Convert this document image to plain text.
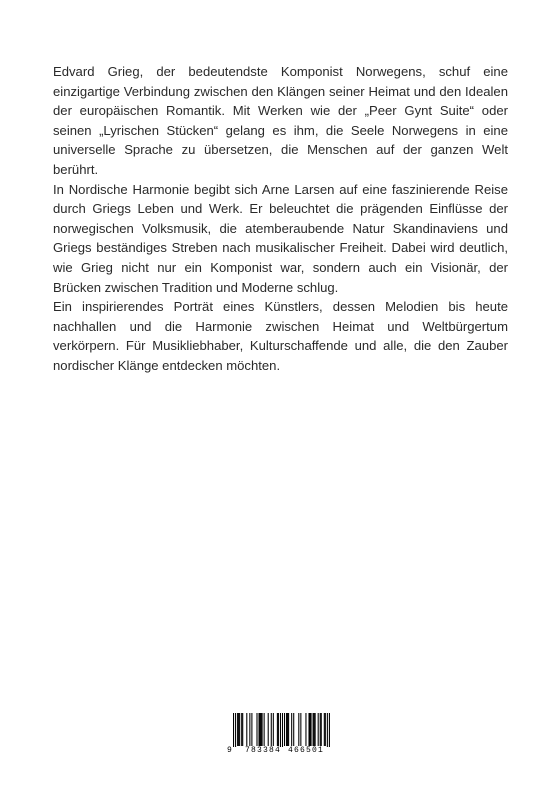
Edvard Grieg, der bedeutendste Komponist Norwegens, schuf eine einzigartige Verbindung zwischen den Klängen seiner Heimat und den Idealen der europäischen Romantik. Mit Werken wie der „Peer Gynt Suite“ oder seinen „Lyrischen Stücken“ gelang es ihm, die Seele Norwegens in eine universelle Sprache zu übersetzen, die Menschen auf der ganzen Welt berührt.

In Nordische Harmonie begibt sich Arne Larsen auf eine faszinierende Reise durch Griegs Leben und Werk. Er beleuchtet die prägenden Einflüsse der norwegischen Volksmusik, die atemberaubende Natur Skandinaviens und Griegs beständiges Streben nach musikalischer Freiheit. Dabei wird deutlich, wie Grieg nicht nur ein Komponist war, sondern auch ein Visionär, der Brücken zwischen Tradition und Moderne schlug.

Ein inspirierendes Porträt eines Künstlers, dessen Melodien bis heute nachhallen und die Harmonie zwischen Heimat und Weltbürgertum verkörpern. Für Musikliebhaber, Kulturschaffende und alle, die den Zauber nordischer Klänge entdecken möchten.

9 783384 466501
